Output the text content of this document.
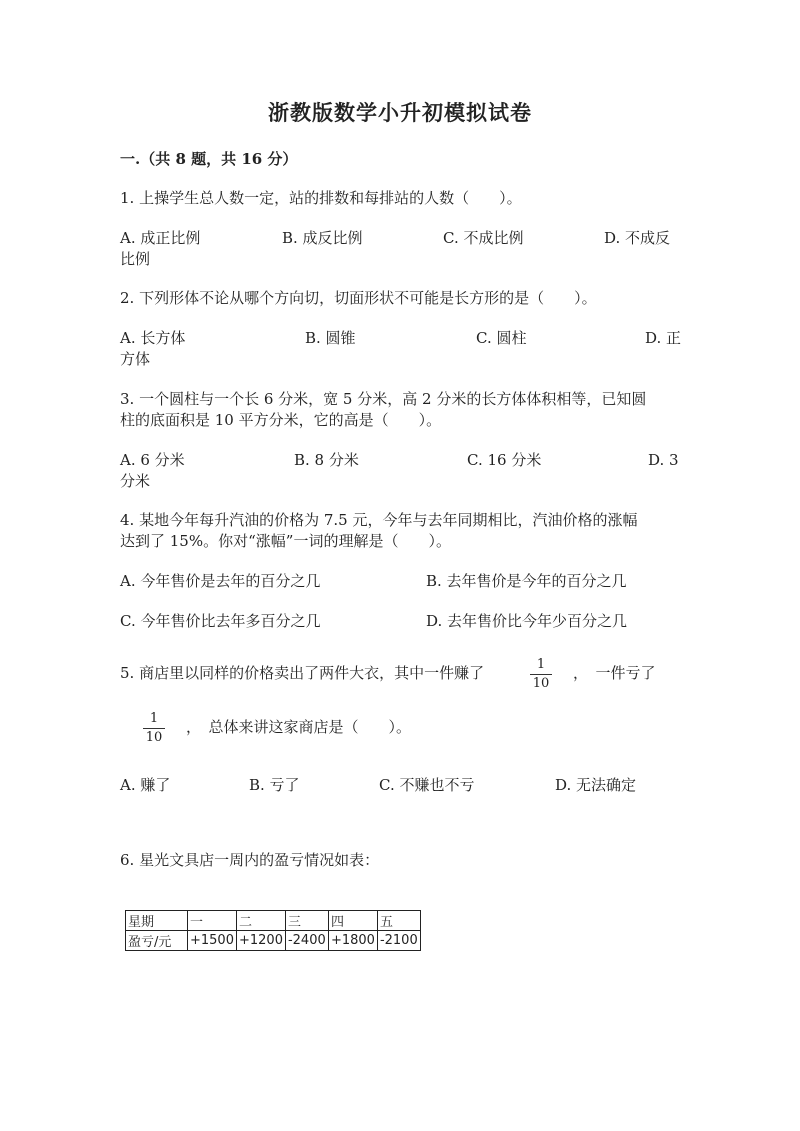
浙教版数学小升初模拟试卷
一.（共 8 题，共 16 分）
1. 上操学生总人数一定，站的排数和每排站的人数（　　）。
A. 成正比例	B. 成反比例	C. 不成比例	D. 不成反
比例
2. 下列形体不论从哪个方向切，切面形状不可能是长方形的是（　　）。
A. 长方体	B. 圆锥	C. 圆柱	D. 正
方体
3. 一个圆柱与一个长 6 分米，宽 5 分米，高 2 分米的长方体体积相等，已知圆
柱的底面积是 10 平方分米，它的高是（　　）。
A. 6 分米	B. 8 分米	C. 16 分米	D. 3
分米
4. 某地今年每升汽油的价格为 7.5 元，今年与去年同期相比，汽油价格的涨幅
达到了 15%。你对“涨幅”一词的理解是（　　）。
A. 今年售价是去年的百分之几	B. 去年售价是今年的百分之几
C. 今年售价比去年多百分之几	D. 去年售价比今年少百分之几
5. 商店里以同样的价格卖出了两件大衣，其中一件赚了	1
10
，　一件亏了
1
10
，　总体来讲这家商店是（　　）。
A. 赚了	B. 亏了	C. 不赚也不亏	D. 无法确定
6. 星光文具店一周内的盈亏情况如表：
星期	一	二	三	四	五
盈亏/元	+1500	+1200	-2400	+1800	-2100
